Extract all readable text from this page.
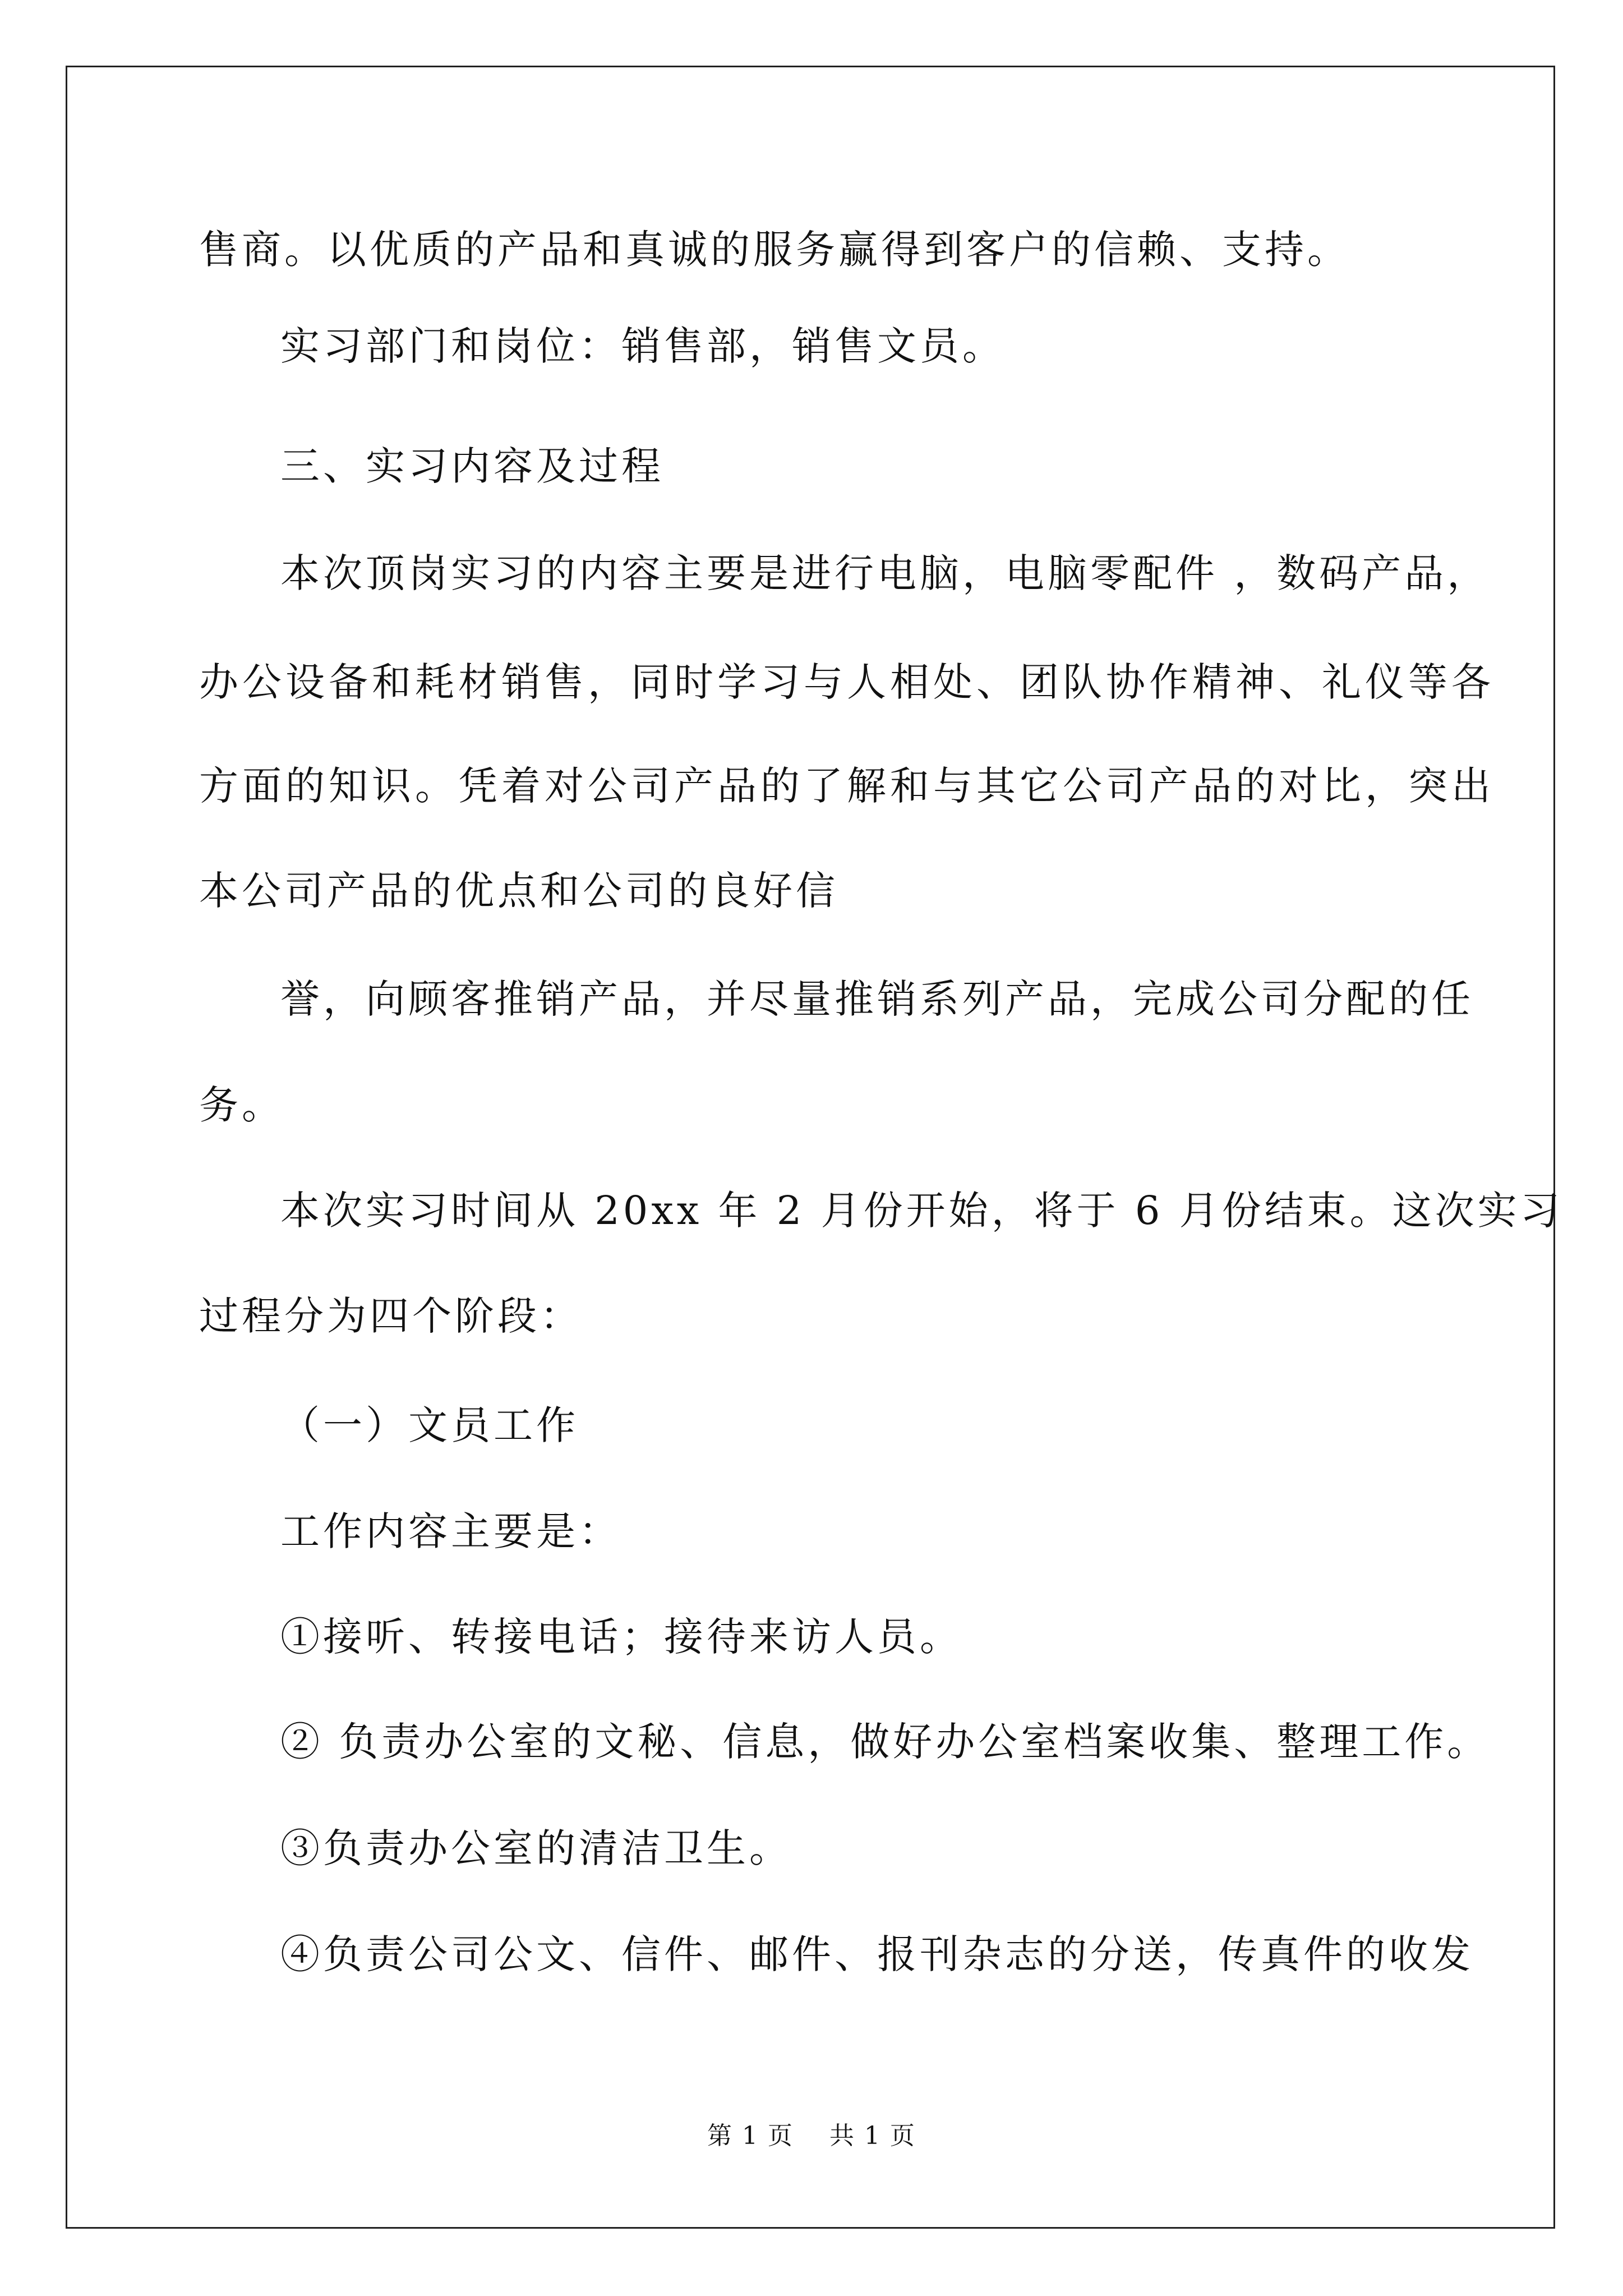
售商。以优质的产品和真诚的服务赢得到客户的信赖、支持。
实习部门和岗位：销售部，销售文员。
三、实习内容及过程
本次顶岗实习的内容主要是进行电脑，电脑零配件 ，数码产品，
办公设备和耗材销售，同时学习与人相处、团队协作精神、礼仪等各
方面的知识。凭着对公司产品的了解和与其它公司产品的对比，突出
本公司产品的优点和公司的良好信
誉，向顾客推销产品，并尽量推销系列产品，完成公司分配的任
务。
本次实习时间从 20xx 年 2 月份开始，将于 6 月份结束。这次实习
过程分为四个阶段：
（一）文员工作
工作内容主要是：
①接听、转接电话；接待来访人员。
② 负责办公室的文秘、信息，做好办公室档案收集、整理工作。
③负责办公室的清洁卫生。
④负责公司公文、信件、邮件、报刊杂志的分送，传真件的收发
第 1 页    共 1 页
